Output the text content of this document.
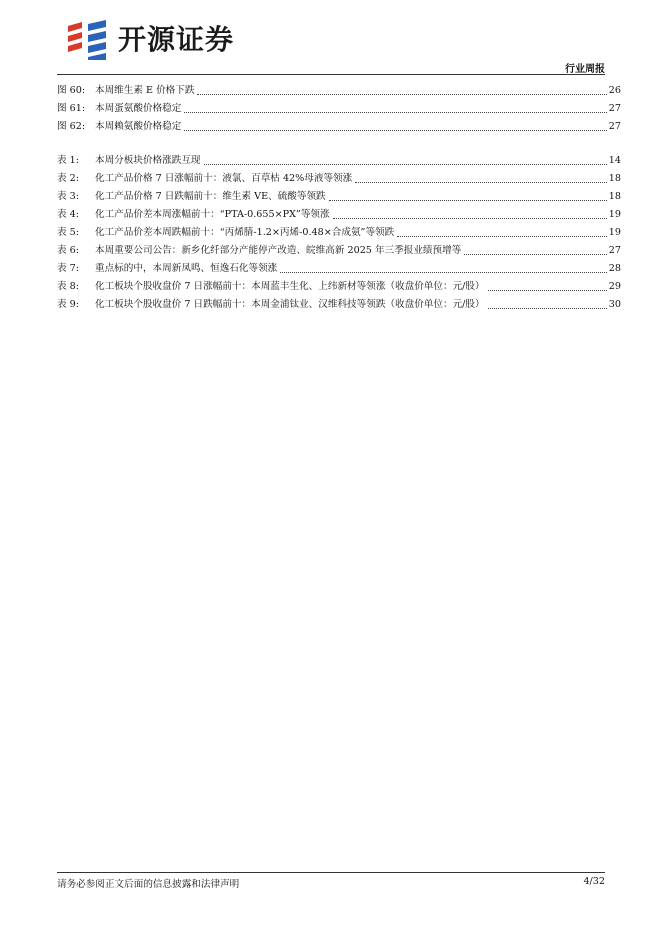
开源证券
行业周报
图 60:	本周维生素 E 价格下跌	26
图 61:	本周蛋氨酸价格稳定	27
图 62:	本周赖氨酸价格稳定	27
表 1:	本周分板块价格涨跌互现	14
表 2:	化工产品价格 7 日涨幅前十：液氯、百草枯 42%母液等领涨	18
表 3:	化工产品价格 7 日跌幅前十：维生素 VE、硫酸等领跌	18
表 4:	化工产品价差本周涨幅前十：“PTA-0.655×PX”等领涨	19
表 5:	化工产品价差本周跌幅前十：“丙烯腈-1.2×丙烯-0.48×合成氨”等领跌	19
表 6:	本周重要公司公告：新乡化纤部分产能停产改造、皖维高新 2025 年三季报业绩预增等	27
表 7:	重点标的中，本周新凤鸣、恒逸石化等领涨	28
表 8:	化工板块个股收盘价 7 日涨幅前十：本周蓝丰生化、上纬新材等领涨（收盘价单位：元/股）	29
表 9:	化工板块个股收盘价 7 日跌幅前十：本周金浦钛业、汉维科技等领跌（收盘价单位：元/股）	30
请务必参阅正文后面的信息披露和法律声明	4/32
